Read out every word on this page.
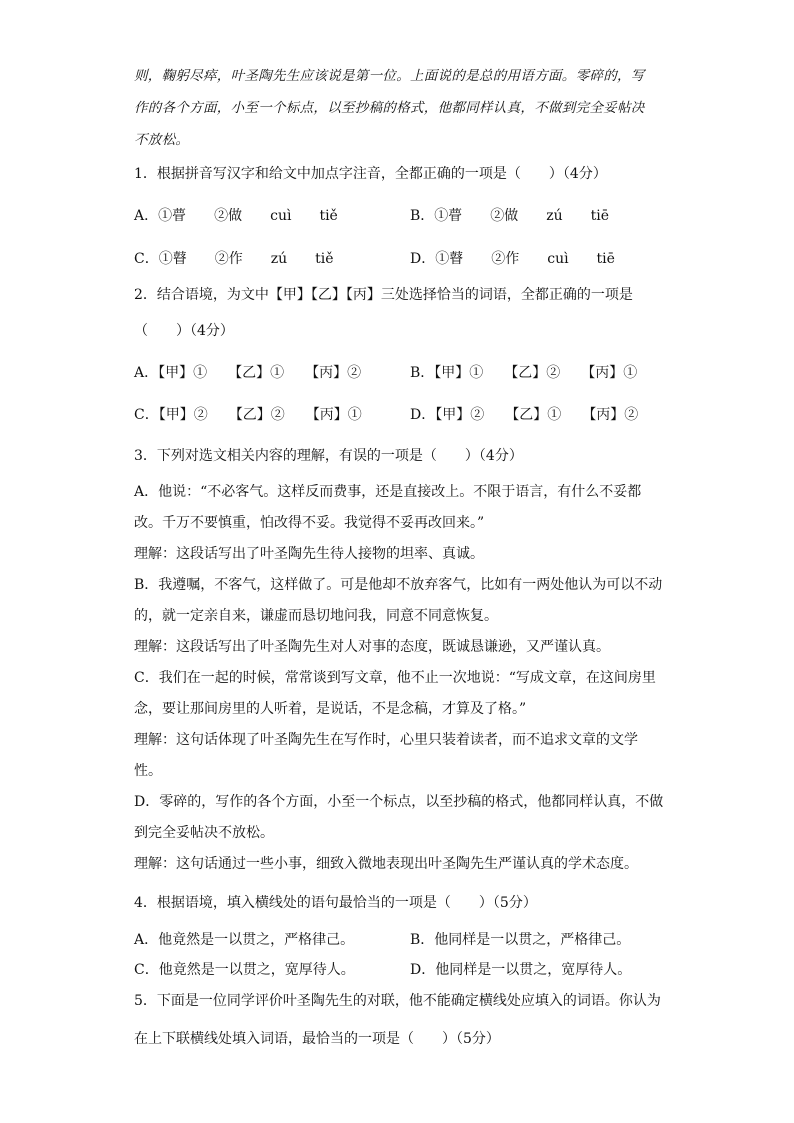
则，鞠躬尽瘁，叶圣陶先生应该说是第一位。上面说的是总的用语方面。零碎的，写
作的各个方面，小至一个标点，以至抄稿的格式，他都同样认真，不做到完全妥帖决
不放松。
1．根据拼音写汉字和给文中加点字注音，全都正确的一项是（　　）（4分）
A．①瞢　　②做　　cuì　　tiě	B．①瞢　　②做　　zú　　tiē
C．①瞽　　②作　　zú　　tiě	D．①瞽　　②作　　cuì　　tiē
2．结合语境，为文中【甲】【乙】【丙】三处选择恰当的词语，全都正确的一项是
（　　）（4分）
A．【甲】①　　【乙】①　　【丙】②	B．【甲】①　　【乙】②　　【丙】①
C．【甲】②　　【乙】②　　【丙】①	D．【甲】②　　【乙】①　　【丙】②
3．下列对选文相关内容的理解，有误的一项是（　　）（4分）
A．他说：“不必客气。这样反而费事，还是直接改上。不限于语言，有什么不妥都改。千万不要慎重，怕改得不妥。我觉得不妥再改回来。”
理解：这段话写出了叶圣陶先生待人接物的坦率、真诚。
B．我遵嘱，不客气，这样做了。可是他却不放弃客气，比如有一两处他认为可以不动的，就一定亲自来，谦虚而恳切地问我，同意不同意恢复。
理解：这段话写出了叶圣陶先生对人对事的态度，既诚恳谦逊，又严谨认真。
C．我们在一起的时候，常常谈到写文章，他不止一次地说：“写成文章，在这间房里念，要让那间房里的人听着，是说话，不是念稿，才算及了格。”
理解：这句话体现了叶圣陶先生在写作时，心里只装着读者，而不追求文章的文学性。
D．零碎的，写作的各个方面，小至一个标点，以至抄稿的格式，他都同样认真，不做到完全妥帖决不放松。
理解：这句话通过一些小事，细致入微地表现出叶圣陶先生严谨认真的学术态度。
4．根据语境，填入横线处的语句最恰当的一项是（　　）（5分）
A．他竟然是一以贯之，严格律己。	B．他同样是一以贯之，严格律己。
C．他竟然是一以贯之，宽厚待人。	D．他同样是一以贯之，宽厚待人。
5．下面是一位同学评价叶圣陶先生的对联，他不能确定横线处应填入的词语。你认为
在上下联横线处填入词语，最恰当的一项是（　　）（5分）
